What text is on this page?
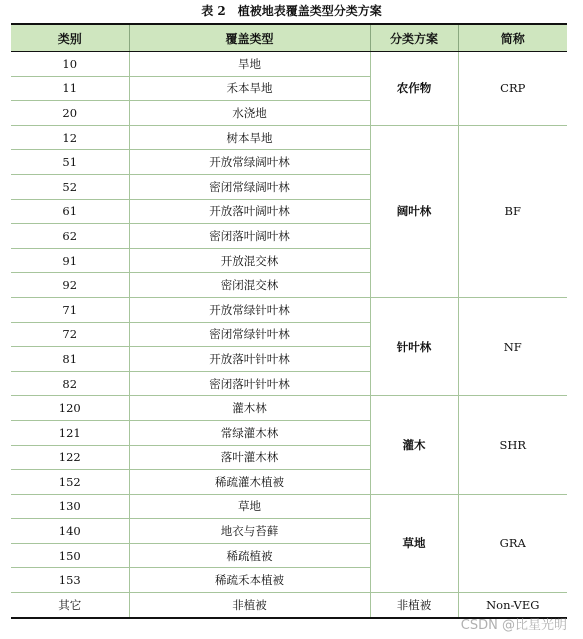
表 2　植被地表覆盖类型分类方案
类别	覆盖类型	分类方案	简称
10	旱地	农作物	CRP
11	禾本旱地		
20	水浇地		
12	树本旱地	阔叶林	BF
51	开放常绿阔叶林		
52	密闭常绿阔叶林		
61	开放落叶阔叶林		
62	密闭落叶阔叶林		
91	开放混交林		
92	密闭混交林		
71	开放常绿针叶林	针叶林	NF
72	密闭常绿针叶林		
81	开放落叶针叶林		
82	密闭落叶针叶林		
120	灌木林	灌木	SHR
121	常绿灌木林		
122	落叶灌木林		
152	稀疏灌木植被		
130	草地	草地	GRA
140	地衣与苔藓		
150	稀疏植被		
153	稀疏禾本植被		
其它	非植被	非植被	Non-VEG
CSDN @比星光明
